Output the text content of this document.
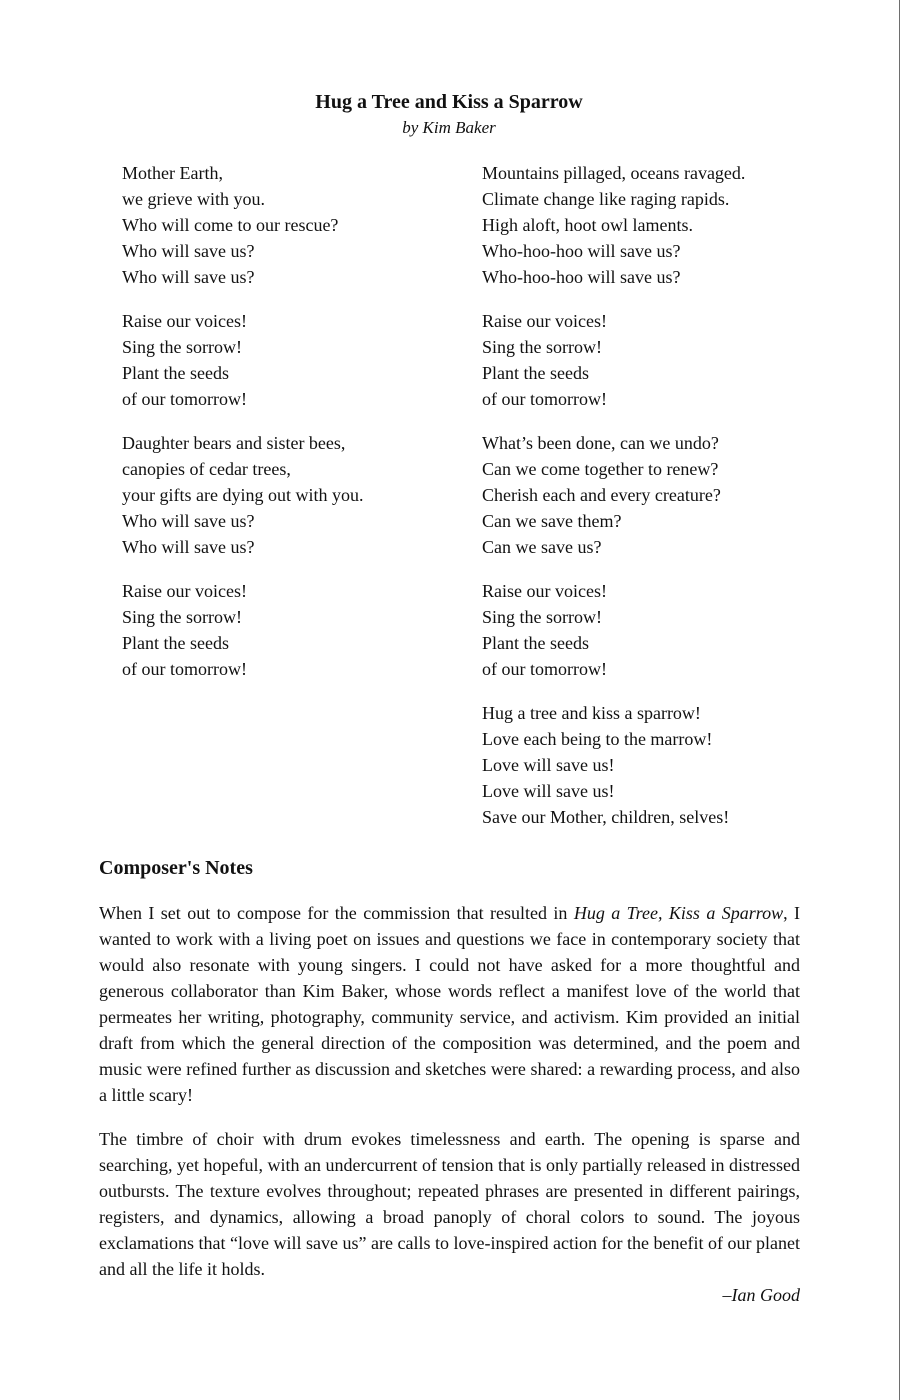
Hug a Tree and Kiss a Sparrow
by Kim Baker
Mother Earth,
we grieve with you.
Who will come to our rescue?
Who will save us?
Who will save us?
Raise our voices!
Sing the sorrow!
Plant the seeds
of our tomorrow!
Daughter bears and sister bees,
canopies of cedar trees,
your gifts are dying out with you.
Who will save us?
Who will save us?
Raise our voices!
Sing the sorrow!
Plant the seeds
of our tomorrow!
Mountains pillaged, oceans ravaged.
Climate change like raging rapids.
High aloft, hoot owl laments.
Who-hoo-hoo will save us?
Who-hoo-hoo will save us?
Raise our voices!
Sing the sorrow!
Plant the seeds
of our tomorrow!
What’s been done, can we undo?
Can we come together to renew?
Cherish each and every creature?
Can we save them?
Can we save us?
Raise our voices!
Sing the sorrow!
Plant the seeds
of our tomorrow!
Hug a tree and kiss a sparrow!
Love each being to the marrow!
Love will save us!
Love will save us!
Save our Mother, children, selves!
Composer's Notes

When I set out to compose for the commission that resulted in Hug a Tree, Kiss a Sparrow, I wanted to work with a living poet on issues and questions we face in contemporary society that would also resonate with young singers. I could not have asked for a more thoughtful and generous collaborator than Kim Baker, whose words reflect a manifest love of the world that permeates her writing, photography, community service, and activism. Kim provided an initial draft from which the general direction of the composition was determined, and the poem and music were refined further as discussion and sketches were shared: a rewarding process, and also a little scary!

The timbre of choir with drum evokes timelessness and earth. The opening is sparse and searching, yet hopeful, with an undercurrent of tension that is only partially released in distressed outbursts. The texture evolves throughout; repeated phrases are presented in different pairings, registers, and dynamics, allowing a broad panoply of choral colors to sound. The joyous exclamations that “love will save us” are calls to love-inspired action for the benefit of our planet and all the life it holds.

–Ian Good
